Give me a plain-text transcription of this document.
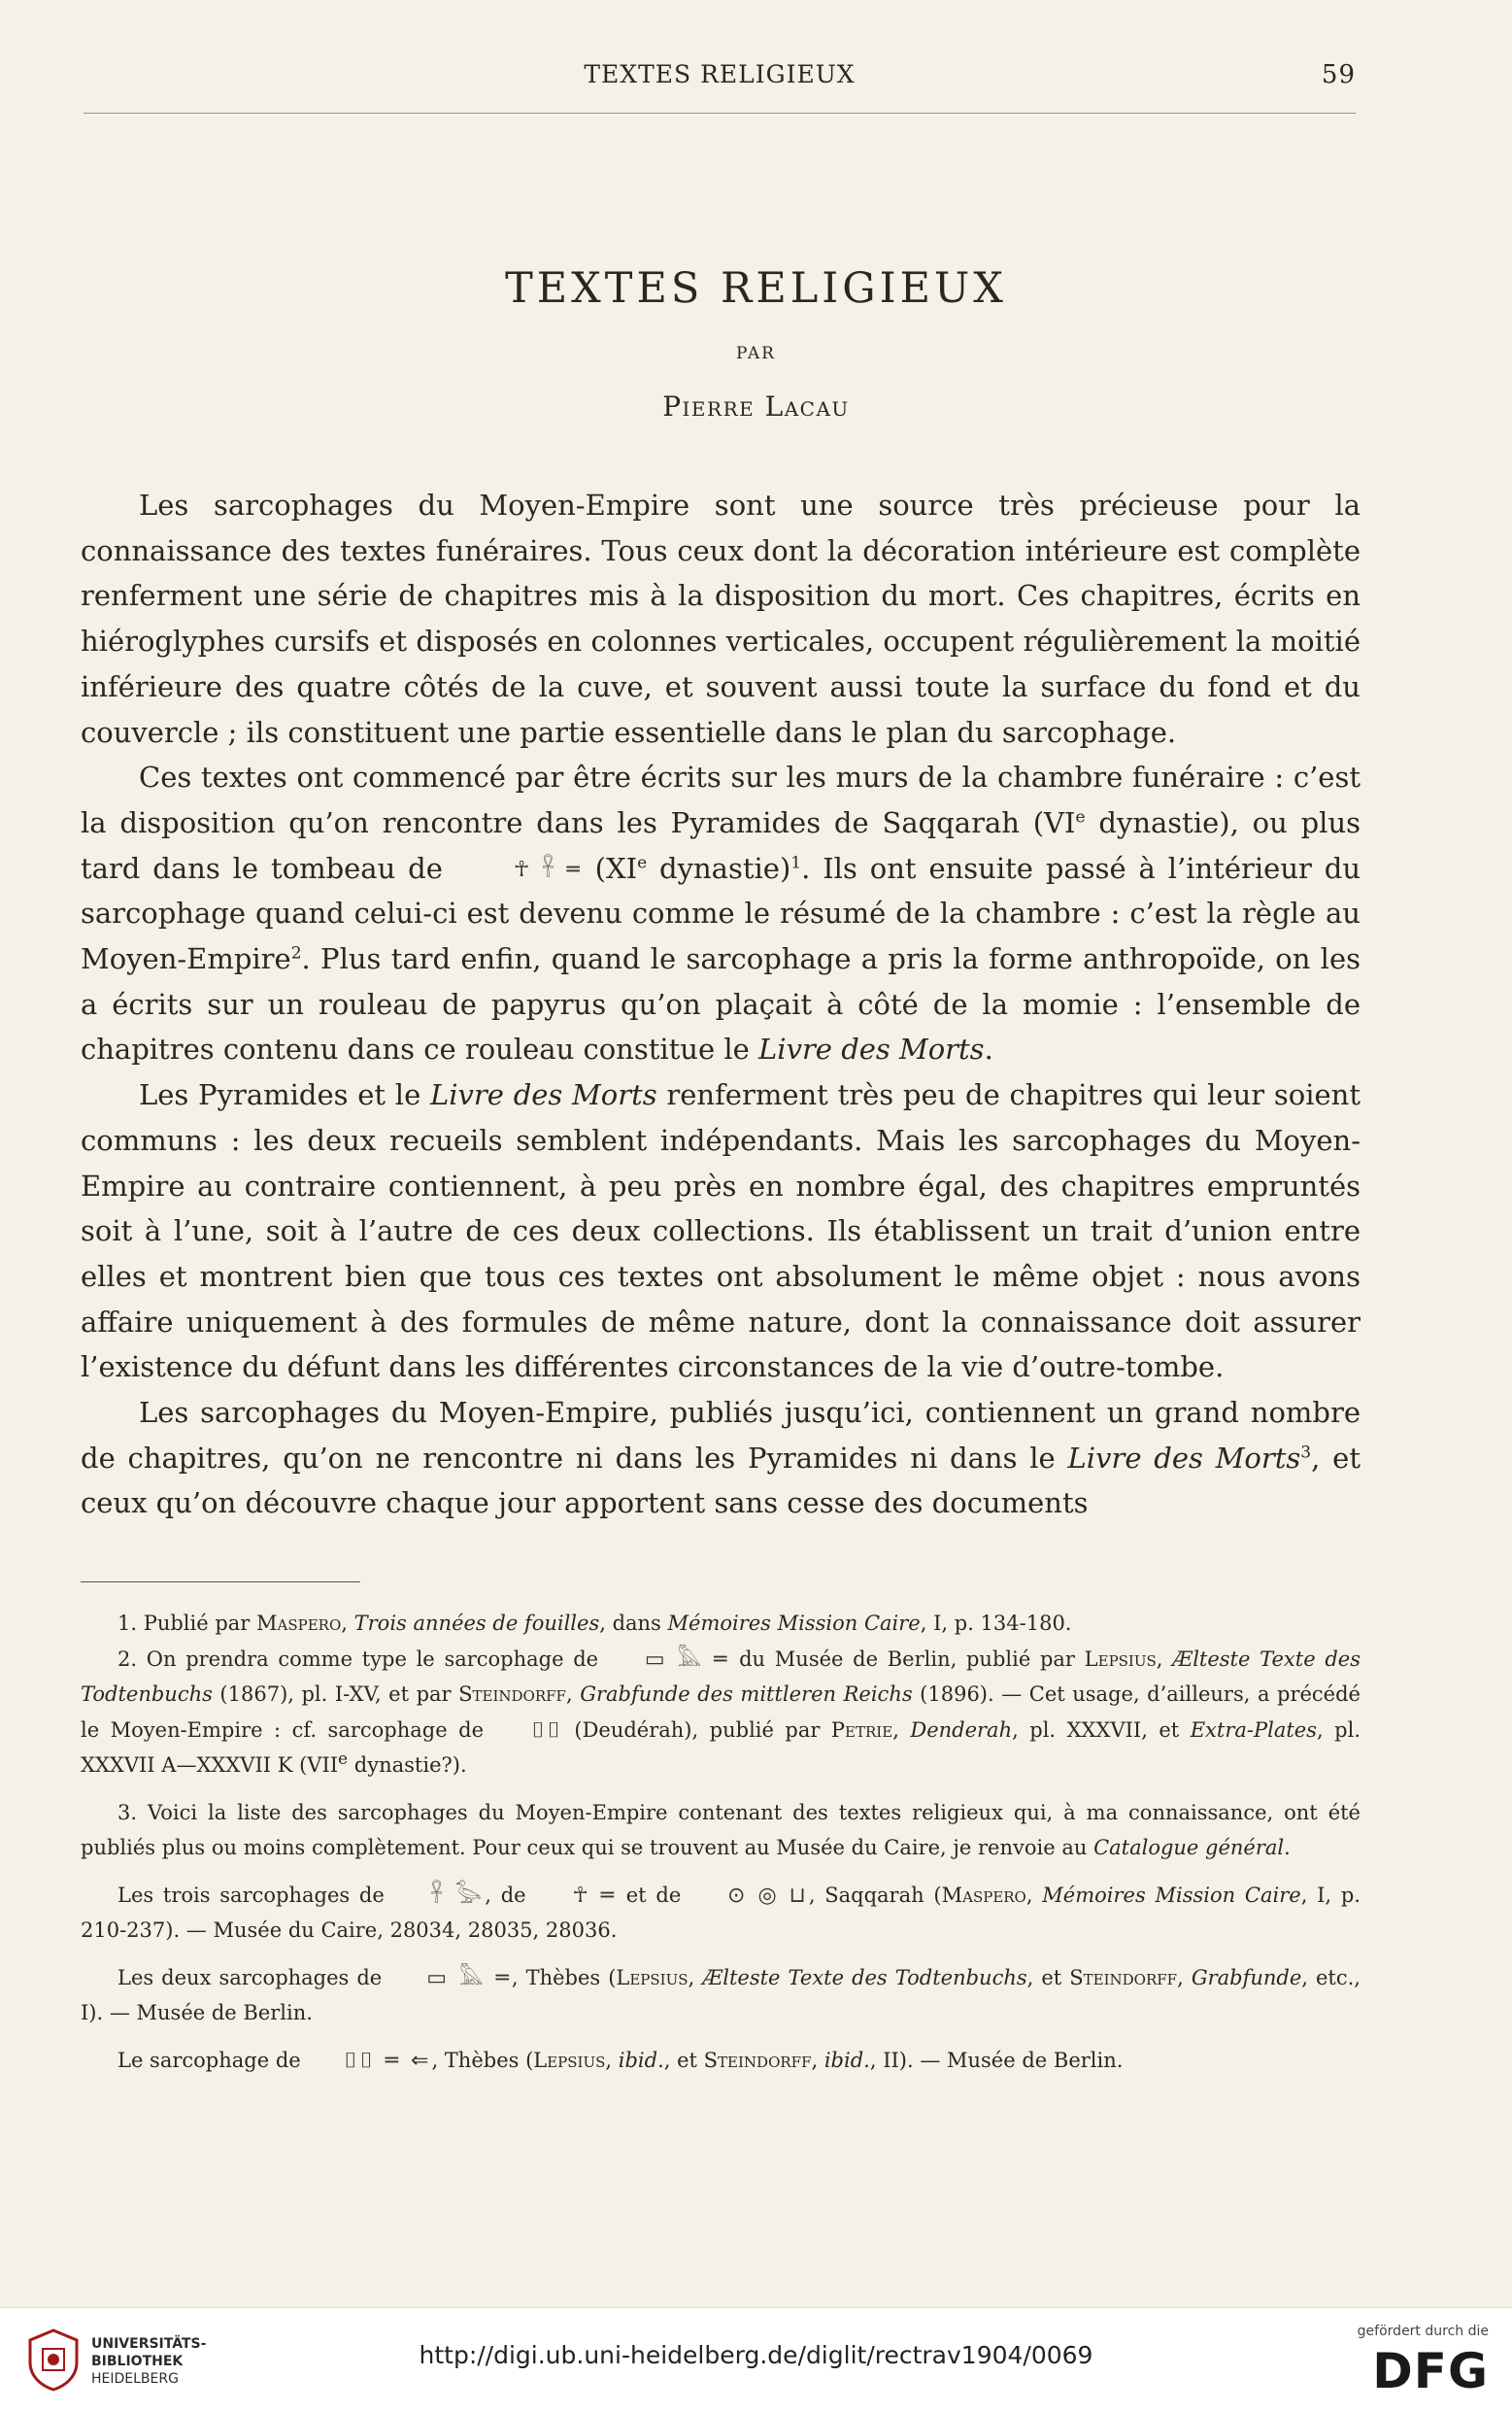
TEXTES RELIGIEUX	59
TEXTES RELIGIEUX
PAR
Pierre Lacau

Les sarcophages du Moyen-Empire sont une source très précieuse pour la connaissance des textes funéraires. Tous ceux dont la décoration intérieure est complète renferment une série de chapitres mis à la disposition du mort. Ces chapitres, écrits en hiéroglyphes cursifs et disposés en colonnes verticales, occupent régulièrement la moitié inférieure des quatre côtés de la cuve, et souvent aussi toute la surface du fond et du couvercle ; ils constituent une partie essentielle dans le plan du sarcophage.

Ces textes ont commencé par être écrits sur les murs de la chambre funéraire : c’est la disposition qu’on rencontre dans les Pyramides de Saqqarah (VIe dynastie), ou plus tard dans le tombeau de	☥ 𓋹 ═ (XIe dynastie)$^1$. Ils ont ensuite passé à l’intérieur du sarcophage quand celui-ci est devenu comme le résumé de la chambre : c’est la règle au Moyen-Empire$^2$. Plus tard enfin, quand le sarcophage a pris la forme anthropoïde, on les a écrits sur un rouleau de papyrus qu’on plaçait à côté de la momie : l’ensemble de chapitres contenu dans ce rouleau constitue le Livre des Morts.

Les Pyramides et le Livre des Morts renferment très peu de chapitres qui leur soient communs : les deux recueils semblent indépendants. Mais les sarcophages du Moyen-Empire au contraire contiennent, à peu près en nombre égal, des chapitres empruntés soit à l’une, soit à l’autre de ces deux collections. Ils établissent un trait d’union entre elles et montrent bien que tous ces textes ont absolument le même objet : nous avons affaire uniquement à des formules de même nature, dont la connaissance doit assurer l’existence du défunt dans les différentes circonstances de la vie d’outre-tombe.

Les sarcophages du Moyen-Empire, publiés jusqu’ici, contiennent un grand nombre de chapitres, qu’on ne rencontre ni dans les Pyramides ni dans le Livre des Morts$^3$, et ceux qu’on découvre chaque jour apportent sans cesse des documents

1. Publié par Maspero, Trois années de fouilles, dans Mémoires Mission Caire, I, p. 134-180.

2. On prendra comme type le sarcophage de ▭ 𓅓 ═ du Musée de Berlin, publié par Lepsius, Ælteste Texte des Todtenbuchs (1867), pl. I-XV, et par Steindorff, Grabfunde des mittleren Reichs (1896). — Cet usage, d’ailleurs, a précédé le Moyen-Empire : cf. sarcophage de ⌷⌷ (Deudérah), publié par Petrie, Denderah, pl. XXXVII, et Extra-Plates, pl. XXXVII A—XXXVII K (VIIe dynastie?).

3. Voici la liste des sarcophages du Moyen-Empire contenant des textes religieux qui, à ma connaissance, ont été publiés plus ou moins complètement. Pour ceux qui se trouvent au Musée du Caire, je renvoie au Catalogue général.

Les trois sarcophages de 𓋹 𓅭, de ☥ ═ et de ⊙ ◎ ⊔, Saqqarah (Maspero, Mémoires Mission Caire, I, p. 210-237). — Musée du Caire, 28034, 28035, 28036.

Les deux sarcophages de ▭ 𓅓 ═, Thèbes (Lepsius, Ælteste Texte des Todtenbuchs, et Steindorff, Grabfunde, etc., I). — Musée de Berlin.

Le sarcophage de ⌷⌷ ═ ⇐, Thèbes (Lepsius, ibid., et Steindorff, ibid., II). — Musée de Berlin.

UNIVERSITÄTS-
BIBLIOTHEK
HEIDELBERG
http://digi.ub.uni-heidelberg.de/diglit/rectrav1904/0069
gefördert durch die
DFG
